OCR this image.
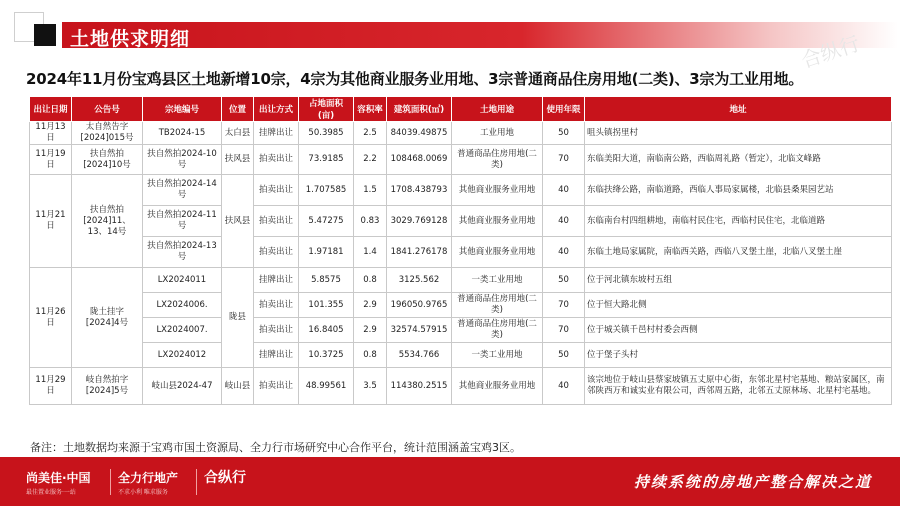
土地供求明细	合纵行
2024年11月份宝鸡县区土地新增10宗，4宗为其他商业服务业用地、3宗普通商品住房用地(二类)、3宗为工业用地。
出让日期	公告号	宗地编号	位置	出让方式	占地面积(亩)	容积率	建筑面积(㎡)	土地用途	使用年限	地址
11月13日	太自然告字[2024]015号	TB2024-15	太白县	挂牌出让	50.3985	2.5	84039.49875	工业用地	50	咀头镇拐里村
11月19日	扶自然拍[2024]10号	扶自然拍2024-10号	扶风县	拍卖出让	73.9185	2.2	108468.0069	普通商品住房用地(二类)	70	东临美阳大道，南临南公路，西临周礼路（暂定），北临文峰路
11月21日	扶自然拍[2024]11、13、14号	扶自然拍2024-14号	扶风县	拍卖出让	1.707585	1.5	1708.438793	其他商业服务业用地	40	东临扶绛公路，南临道路，西临人事局家属楼，北临县桑果园艺站
		扶自然拍2024-11号		拍卖出让	5.47275	0.83	3029.769128	其他商业服务业用地	40	东临南台村四组耕地，南临村民住宅，西临村民住宅，北临道路
		扶自然拍2024-13号		拍卖出让	1.97181	1.4	1841.276178	其他商业服务业用地	40	东临土地局家属院，南临西关路，西临八叉堡土崖，北临八叉堡土崖
11月26日	陇土挂字[2024]4号	LX2024011	陇县	挂牌出让	5.8575	0.8	3125.562	一类工业用地	50	位于河北镇东坡村五组
		LX2024006.		拍卖出让	101.355	2.9	196050.9765	普通商品住房用地(二类)	70	位于恒大路北侧
		LX2024007.		拍卖出让	16.8405	2.9	32574.57915	普通商品住房用地(二类)	70	位于城关镇千邑村村委会西侧
		LX2024012		挂牌出让	10.3725	0.8	5534.766	一类工业用地	50	位于堡子头村
11月29日	岐自然拍字[2024]5号	岐山县2024-47	岐山县	拍卖出让	48.99561	3.5	114380.2515	其他商业服务业用地	40	该宗地位于岐山县蔡家坡镇五丈原中心街，东邻北星村宅基地、粮站家属区，南邻陕西万和诚实业有限公司，西邻周五路，北邻五丈原林场、北星村宅基地。
备注：土地数据均来源于宝鸡市国土资源局、全力行市场研究中心合作平台，统计范围涵盖宝鸡3区。
尚美佳·中国
最佳置业服务·一站
全力行地产
不求小利 唯求服务
合纵行	持续系统的房地产整合解决之道
